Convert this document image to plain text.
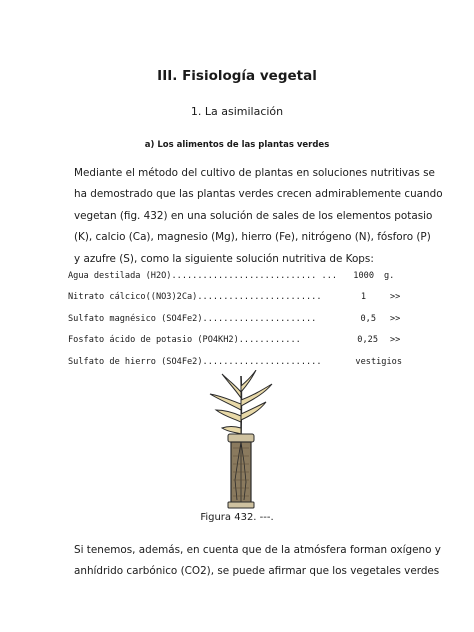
III. Fisiología vegetal
1. La asimilación
a) Los alimentos de las plantas verdes

Mediante el método del cultivo de plantas en soluciones nutritivas se

ha demostrado que las plantas verdes crecen admirablemente cuando

vegetan (fig. 432) en una solución de sales de los elementos potasio

(K), calcio (Ca), magnesio (Mg), hierro (Fe), nitrógeno (N), fósforo (P)

y azufre (S), como la siguiente solución nutritiva de Kops:

Agua destilada (H2O)............................ ...	1000 g.
Nitrato cálcico((NO3)2Ca)........................	1	>>
Sulfato magnésico (SO4Fe2)......................	0,5 >>
Fosfato ácido de potasio (PO4KH2)............	0,25 >>
Sulfato de hierro (SO4Fe2).......................	vestigios
Figura 432. ---.

Si tenemos, además, en cuenta que de la atmósfera forman oxígeno y

anhídrido carbónico (CO2), se puede afirmar que los vegetales verdes
